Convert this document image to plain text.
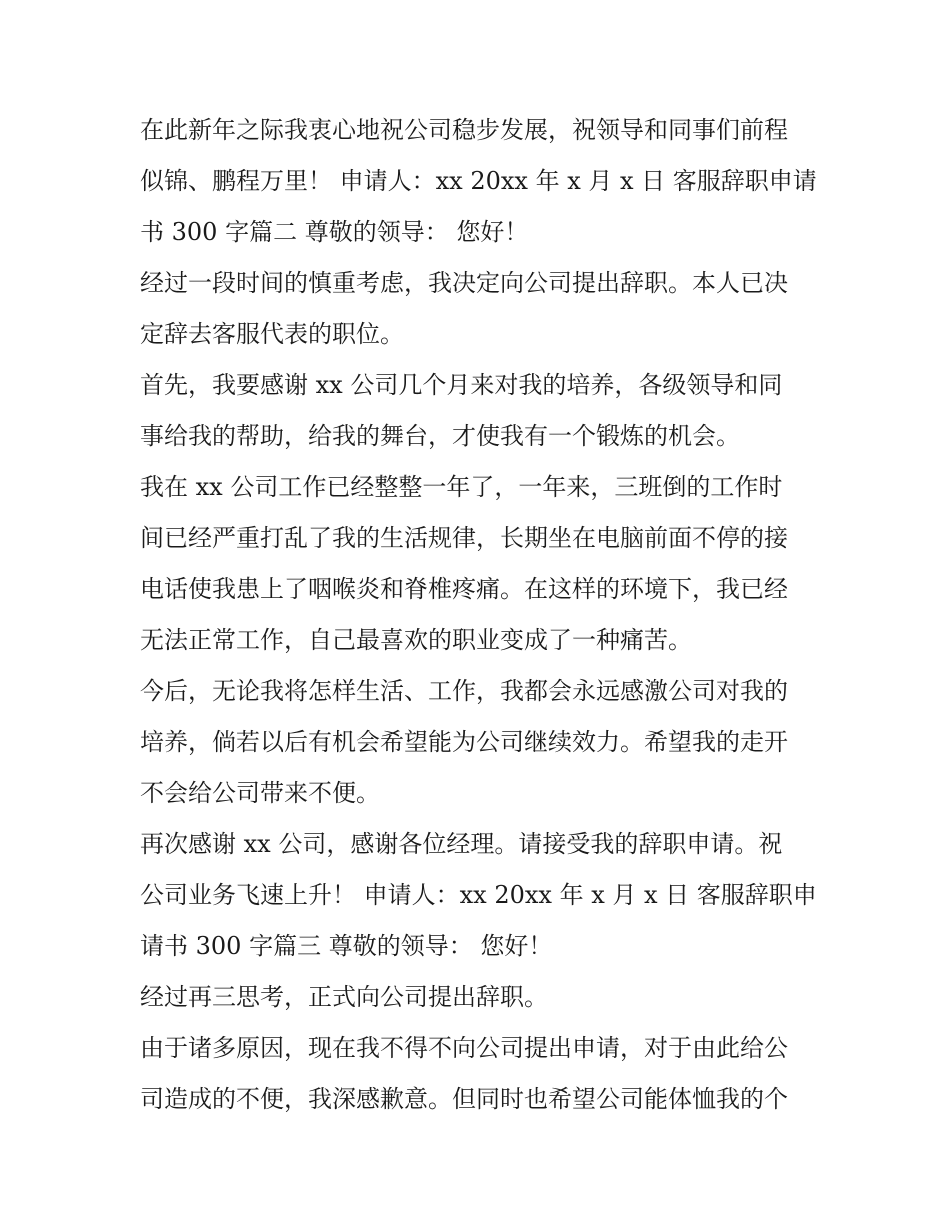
在此新年之际我衷心地祝公司稳步发展，祝领导和同事们前程
似锦、鹏程万里！ 申请人：xx 20xx 年 x 月 x 日 客服辞职申请
书 300 字篇二 尊敬的领导： 您好！
经过一段时间的慎重考虑，我决定向公司提出辞职。本人已决
定辞去客服代表的职位。
首先，我要感谢 xx 公司几个月来对我的培养，各级领导和同
事给我的帮助，给我的舞台，才使我有一个锻炼的机会。
我在 xx 公司工作已经整整一年了，一年来，三班倒的工作时
间已经严重打乱了我的生活规律，长期坐在电脑前面不停的接
电话使我患上了咽喉炎和脊椎疼痛。在这样的环境下，我已经
无法正常工作，自己最喜欢的职业变成了一种痛苦。
今后，无论我将怎样生活、工作，我都会永远感激公司对我的
培养，倘若以后有机会希望能为公司继续效力。希望我的走开
不会给公司带来不便。
再次感谢 xx 公司，感谢各位经理。请接受我的辞职申请。祝
公司业务飞速上升！ 申请人：xx 20xx 年 x 月 x 日 客服辞职申
请书 300 字篇三 尊敬的领导： 您好！
经过再三思考，正式向公司提出辞职。
由于诸多原因，现在我不得不向公司提出申请，对于由此给公
司造成的不便，我深感歉意。但同时也希望公司能体恤我的个
